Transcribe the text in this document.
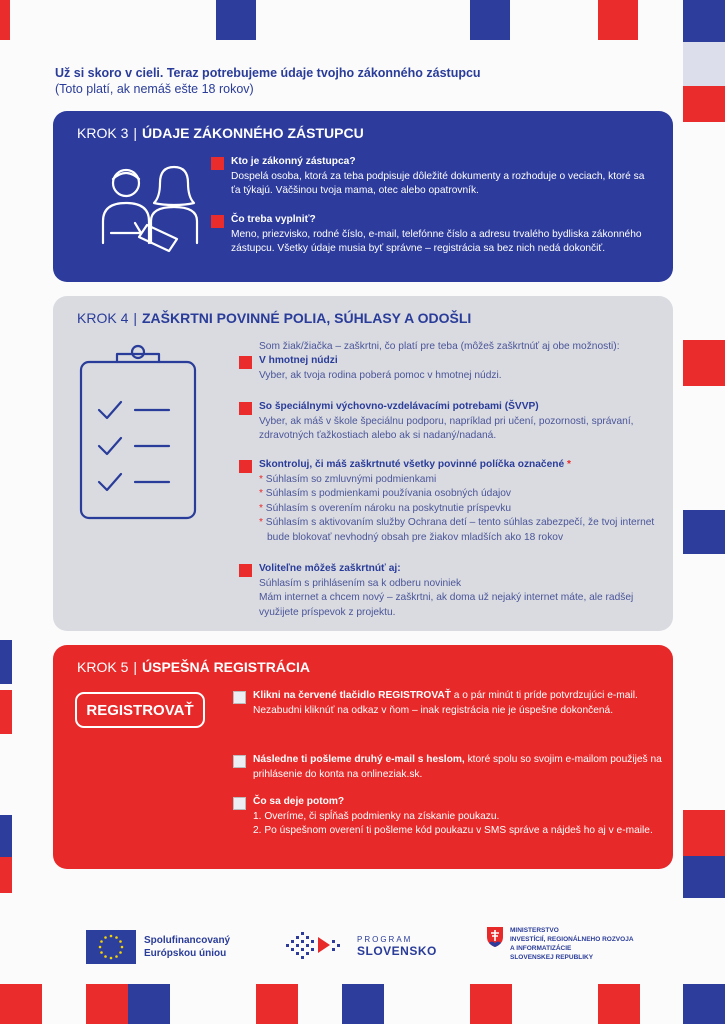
Už si skoro v cieli. Teraz potrebujeme údaje tvojho zákonného zástupcu
(Toto platí, ak nemáš ešte 18 rokov)
KROK 3 | ÚDAJE ZÁKONNÉHO ZÁSTUPCU
Kto je zákonný zástupca?
Dospelá osoba, ktorá za teba podpisuje dôležité dokumenty a rozhoduje o veciach, ktoré sa ťa týkajú. Väčšinou tvoja mama, otec alebo opatrovník.
Čo treba vyplniť?
Meno, priezvisko, rodné číslo, e-mail, telefónne číslo a adresu trvalého bydliska zákonného zástupcu. Všetky údaje musia byť správne – registrácia sa bez nich nedá dokončiť.
KROK 4 | ZAŠKRTNI POVINNÉ POLIA, SÚHLASY A ODOŠLI
Som žiak/žiačka – zaškrtni, čo platí pre teba (môžeš zaškrtnúť aj obe možnosti):
V hmotnej núdzi
Vyber, ak tvoja rodina poberá pomoc v hmotnej núdzi.
So špeciálnymi výchovno-vzdelávacími potrebami (ŠVVP)
Vyber, ak máš v škole špeciálnu podporu, napríklad pri učení, pozornosti, správaní, zdravotných ťažkostiach alebo ak si nadaný/nadaná.
Skontroluj, či máš zaškrtnuté všetky povinné políčka označené *
* Súhlasím so zmluvnými podmienkami
* Súhlasím s podmienkami používania osobných údajov
* Súhlasím s overením nároku na poskytnutie príspevku
* Súhlasím s aktivovaním služby Ochrana detí – tento súhlas zabezpečí, že tvoj internet bude blokovať nevhodný obsah pre žiakov mladších ako 18 rokov
Voliteľne môžeš zaškrtnúť aj:
Súhlasím s prihlásením sa k odberu noviniek
Mám internet a chcem nový – zaškrtni, ak doma už nejaký internet máte, ale radšej využijete príspevok z projektu.
KROK 5 | ÚSPEŠNÁ REGISTRÁCIA
REGISTROVAŤ
Klikni na červené tlačidlo REGISTROVAŤ a o pár minút ti príde potvrdzujúci e-mail. Nezabudni kliknúť na odkaz v ňom – inak registrácia nie je úspešne dokončená.
Následne ti pošleme druhý e-mail s heslom, ktoré spolu so svojim e-mailom použiješ na prihlásenie do konta na onlineziak.sk.
Čo sa deje potom?
1. Overíme, či spĺňaš podmienky na získanie poukazu.
2. Po úspešnom overení ti pošleme kód poukazu v SMS správe a nájdeš ho aj v e-maile.
Spolufinancovaný
Európskou úniou
PROGRAM
SLOVENSKO
MINISTERSTVO
INVESTÍCIÍ, REGIONÁLNEHO ROZVOJA
A INFORMATIZÁCIE
SLOVENSKEJ REPUBLIKY
